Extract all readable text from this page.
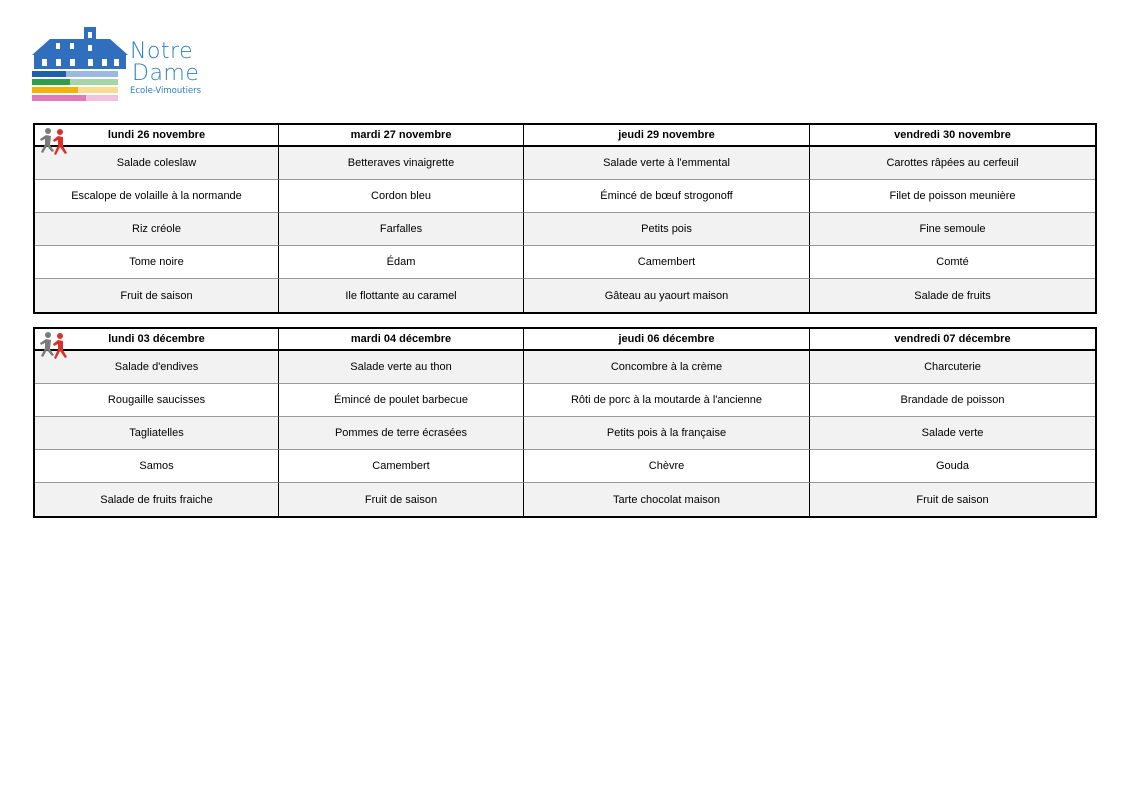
Notre
Dame
Ecole-Vimoutiers
lundi 26 novembre	mardi 27 novembre	jeudi 29 novembre	vendredi 30 novembre
Salade coleslaw	Betteraves vinaigrette	Salade verte à l'emmental	Carottes râpées au cerfeuil
Escalope de volaille à la normande	Cordon bleu	Émincé de bœuf strogonoff	Filet de poisson meunière
Riz créole	Farfalles	Petits pois	Fine semoule
Tome noire	Édam	Camembert	Comté
Fruit de saison	Ile flottante au caramel	Gâteau au yaourt maison	Salade de fruits
lundi 03 décembre	mardi 04 décembre	jeudi 06 décembre	vendredi 07 décembre
Salade d'endives	Salade verte au thon	Concombre à la crème	Charcuterie
Rougaille saucisses	Émincé de poulet barbecue	Rôti de porc à la moutarde à l'ancienne	Brandade de poisson
Tagliatelles	Pommes de terre écrasées	Petits pois à la française	Salade verte
Samos	Camembert	Chèvre	Gouda
Salade de fruits fraiche	Fruit de saison	Tarte chocolat maison	Fruit de saison
